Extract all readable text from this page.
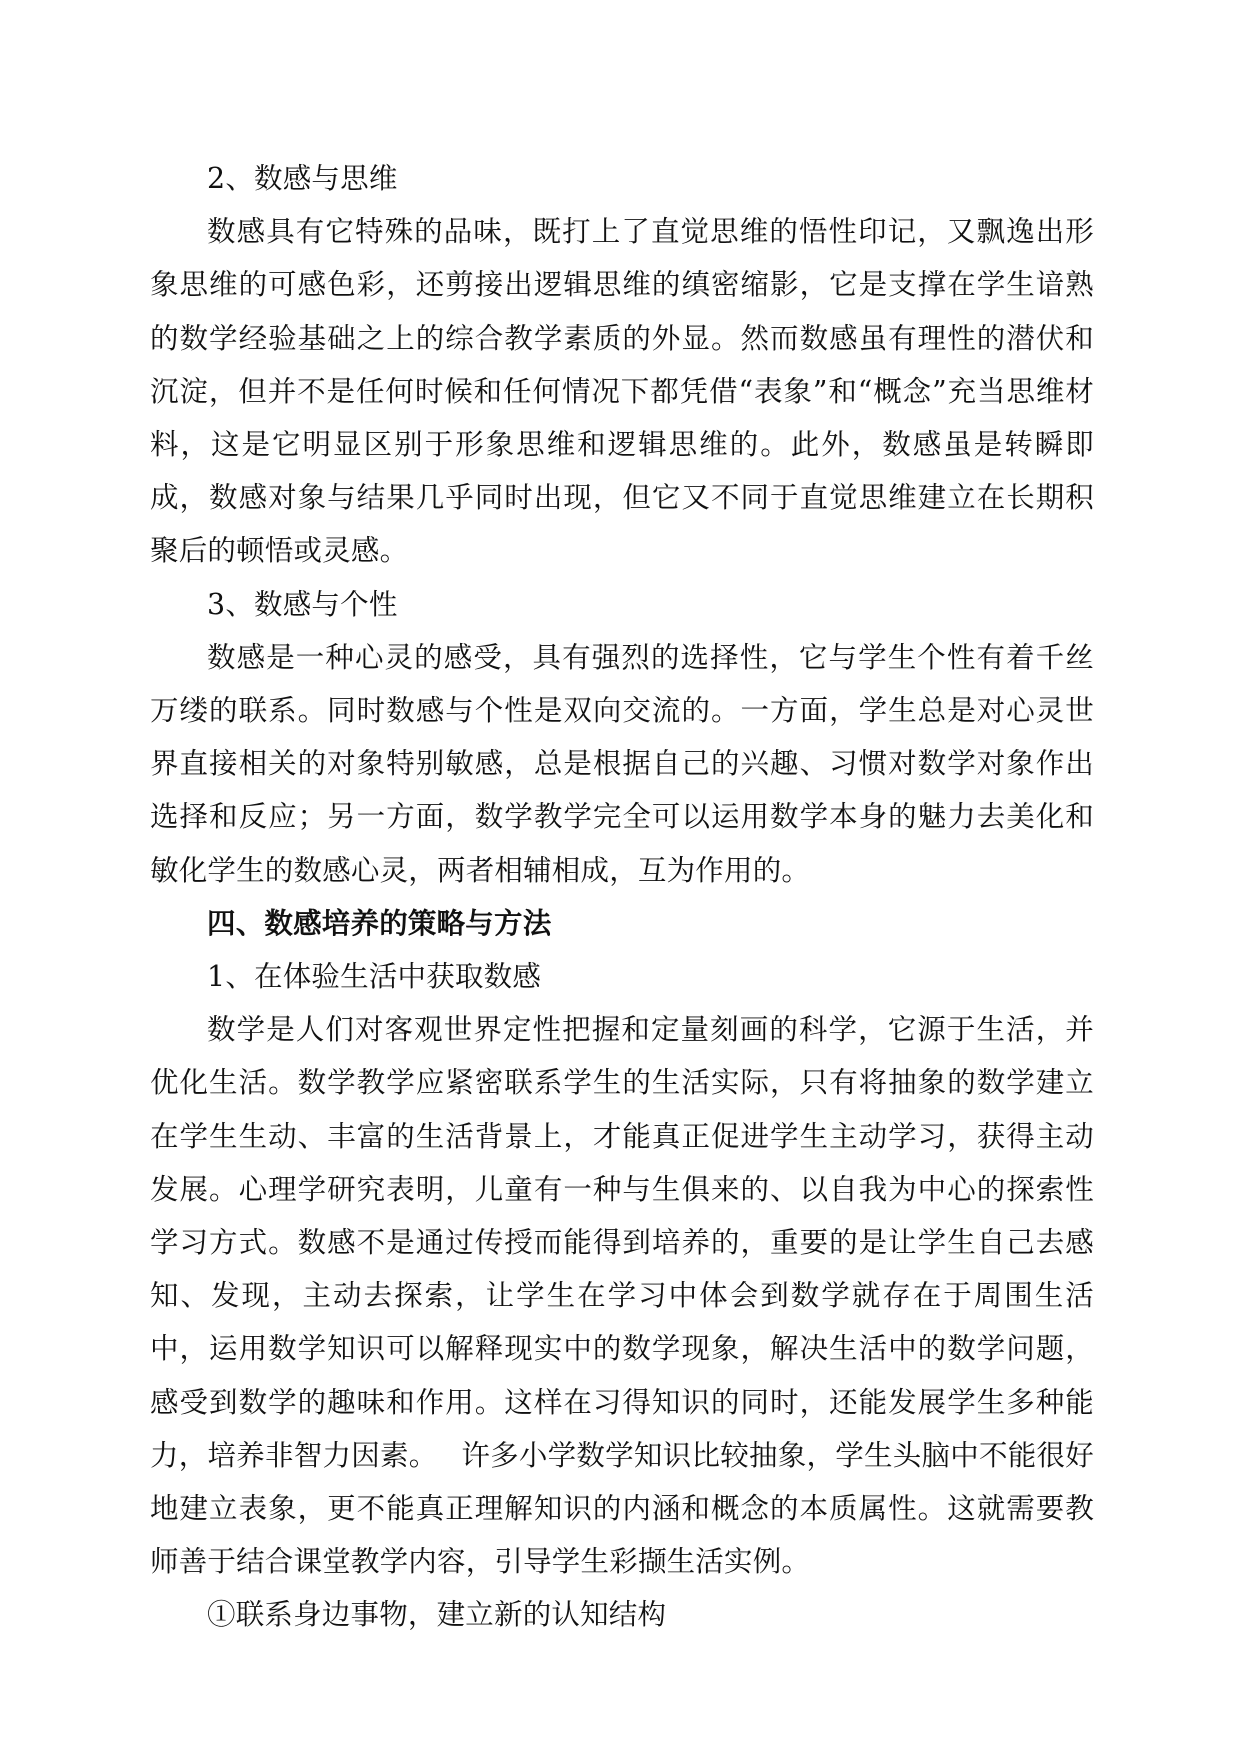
2、数感与思维

数感具有它特殊的品味，既打上了直觉思维的悟性印记，又飘逸出形象思维的可感色彩，还剪接出逻辑思维的缜密缩影，它是支撑在学生谙熟的数学经验基础之上的综合教学素质的外显。然而数感虽有理性的潜伏和沉淀，但并不是任何时候和任何情况下都凭借“表象”和“概念”充当思维材料，这是它明显区别于形象思维和逻辑思维的。此外，数感虽是转瞬即成，数感对象与结果几乎同时出现，但它又不同于直觉思维建立在长期积聚后的顿悟或灵感。

3、数感与个性

数感是一种心灵的感受，具有强烈的选择性，它与学生个性有着千丝万缕的联系。同时数感与个性是双向交流的。一方面，学生总是对心灵世界直接相关的对象特别敏感，总是根据自己的兴趣、习惯对数学对象作出选择和反应；另一方面，数学教学完全可以运用数学本身的魅力去美化和敏化学生的数感心灵，两者相辅相成，互为作用的。

四、数感培养的策略与方法

1、在体验生活中获取数感

数学是人们对客观世界定性把握和定量刻画的科学，它源于生活，并优化生活。数学教学应紧密联系学生的生活实际，只有将抽象的数学建立在学生生动、丰富的生活背景上，才能真正促进学生主动学习，获得主动发展。心理学研究表明，儿童有一种与生俱来的、以自我为中心的探索性学习方式。数感不是通过传授而能得到培养的，重要的是让学生自己去感知、发现，主动去探索，让学生在学习中体会到数学就存在于周围生活中，运用数学知识可以解释现实中的数学现象，解决生活中的数学问题，感受到数学的趣味和作用。这样在习得知识的同时，还能发展学生多种能力，培养非智力因素。　 许多小学数学知识比较抽象，学生头脑中不能很好地建立表象，更不能真正理解知识的内涵和概念的本质属性。这就需要教师善于结合课堂教学内容，引导学生彩撷生活实例。

①联系身边事物，建立新的认知结构
